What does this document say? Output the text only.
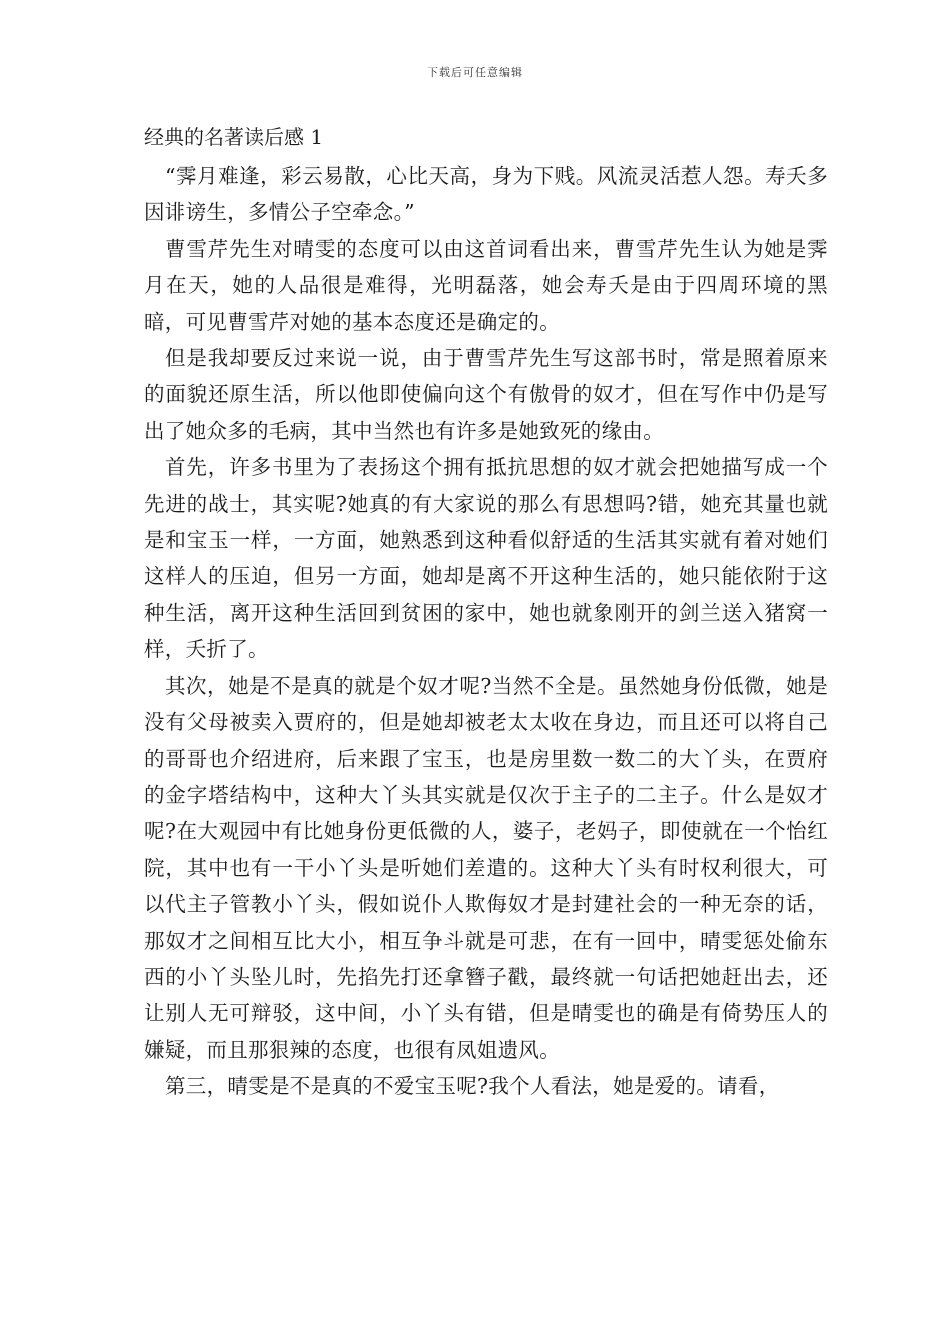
下载后可任意编辑
经典的名著读后感 1

“霁月难逢，彩云易散，心比天高，身为下贱。风流灵活惹人怨。寿夭多因诽谤生，多情公子空牵念。”

曹雪芹先生对晴雯的态度可以由这首词看出来，曹雪芹先生认为她是霁月在天，她的人品很是难得，光明磊落，她会寿夭是由于四周环境的黑暗，可见曹雪芹对她的基本态度还是确定的。

但是我却要反过来说一说，由于曹雪芹先生写这部书时，常是照着原来的面貌还原生活，所以他即使偏向这个有傲骨的奴才，但在写作中仍是写出了她众多的毛病，其中当然也有许多是她致死的缘由。

首先，许多书里为了表扬这个拥有抵抗思想的奴才就会把她描写成一个先进的战士，其实呢?她真的有大家说的那么有思想吗?错，她充其量也就是和宝玉一样，一方面，她熟悉到这种看似舒适的生活其实就有着对她们这样人的压迫，但另一方面，她却是离不开这种生活的，她只能依附于这种生活，离开这种生活回到贫困的家中，她也就象刚开的剑兰送入猪窝一样，夭折了。

其次，她是不是真的就是个奴才呢?当然不全是。虽然她身份低微，她是没有父母被卖入贾府的，但是她却被老太太收在身边，而且还可以将自己的哥哥也介绍进府，后来跟了宝玉，也是房里数一数二的大丫头，在贾府的金字塔结构中，这种大丫头其实就是仅次于主子的二主子。什么是奴才呢?在大观园中有比她身份更低微的人，婆子，老妈子，即使就在一个怡红院，其中也有一干小丫头是听她们差遣的。这种大丫头有时权利很大，可以代主子管教小丫头，假如说仆人欺侮奴才是封建社会的一种无奈的话，那奴才之间相互比大小，相互争斗就是可悲，在有一回中，晴雯惩处偷东西的小丫头坠儿时，先掐先打还拿簪子戳，最终就一句话把她赶出去，还让别人无可辩驳，这中间，小丫头有错，但是晴雯也的确是有倚势压人的嫌疑，而且那狠辣的态度，也很有凤姐遗风。

第三，晴雯是不是真的不爱宝玉呢?我个人看法，她是爱的。请看，
